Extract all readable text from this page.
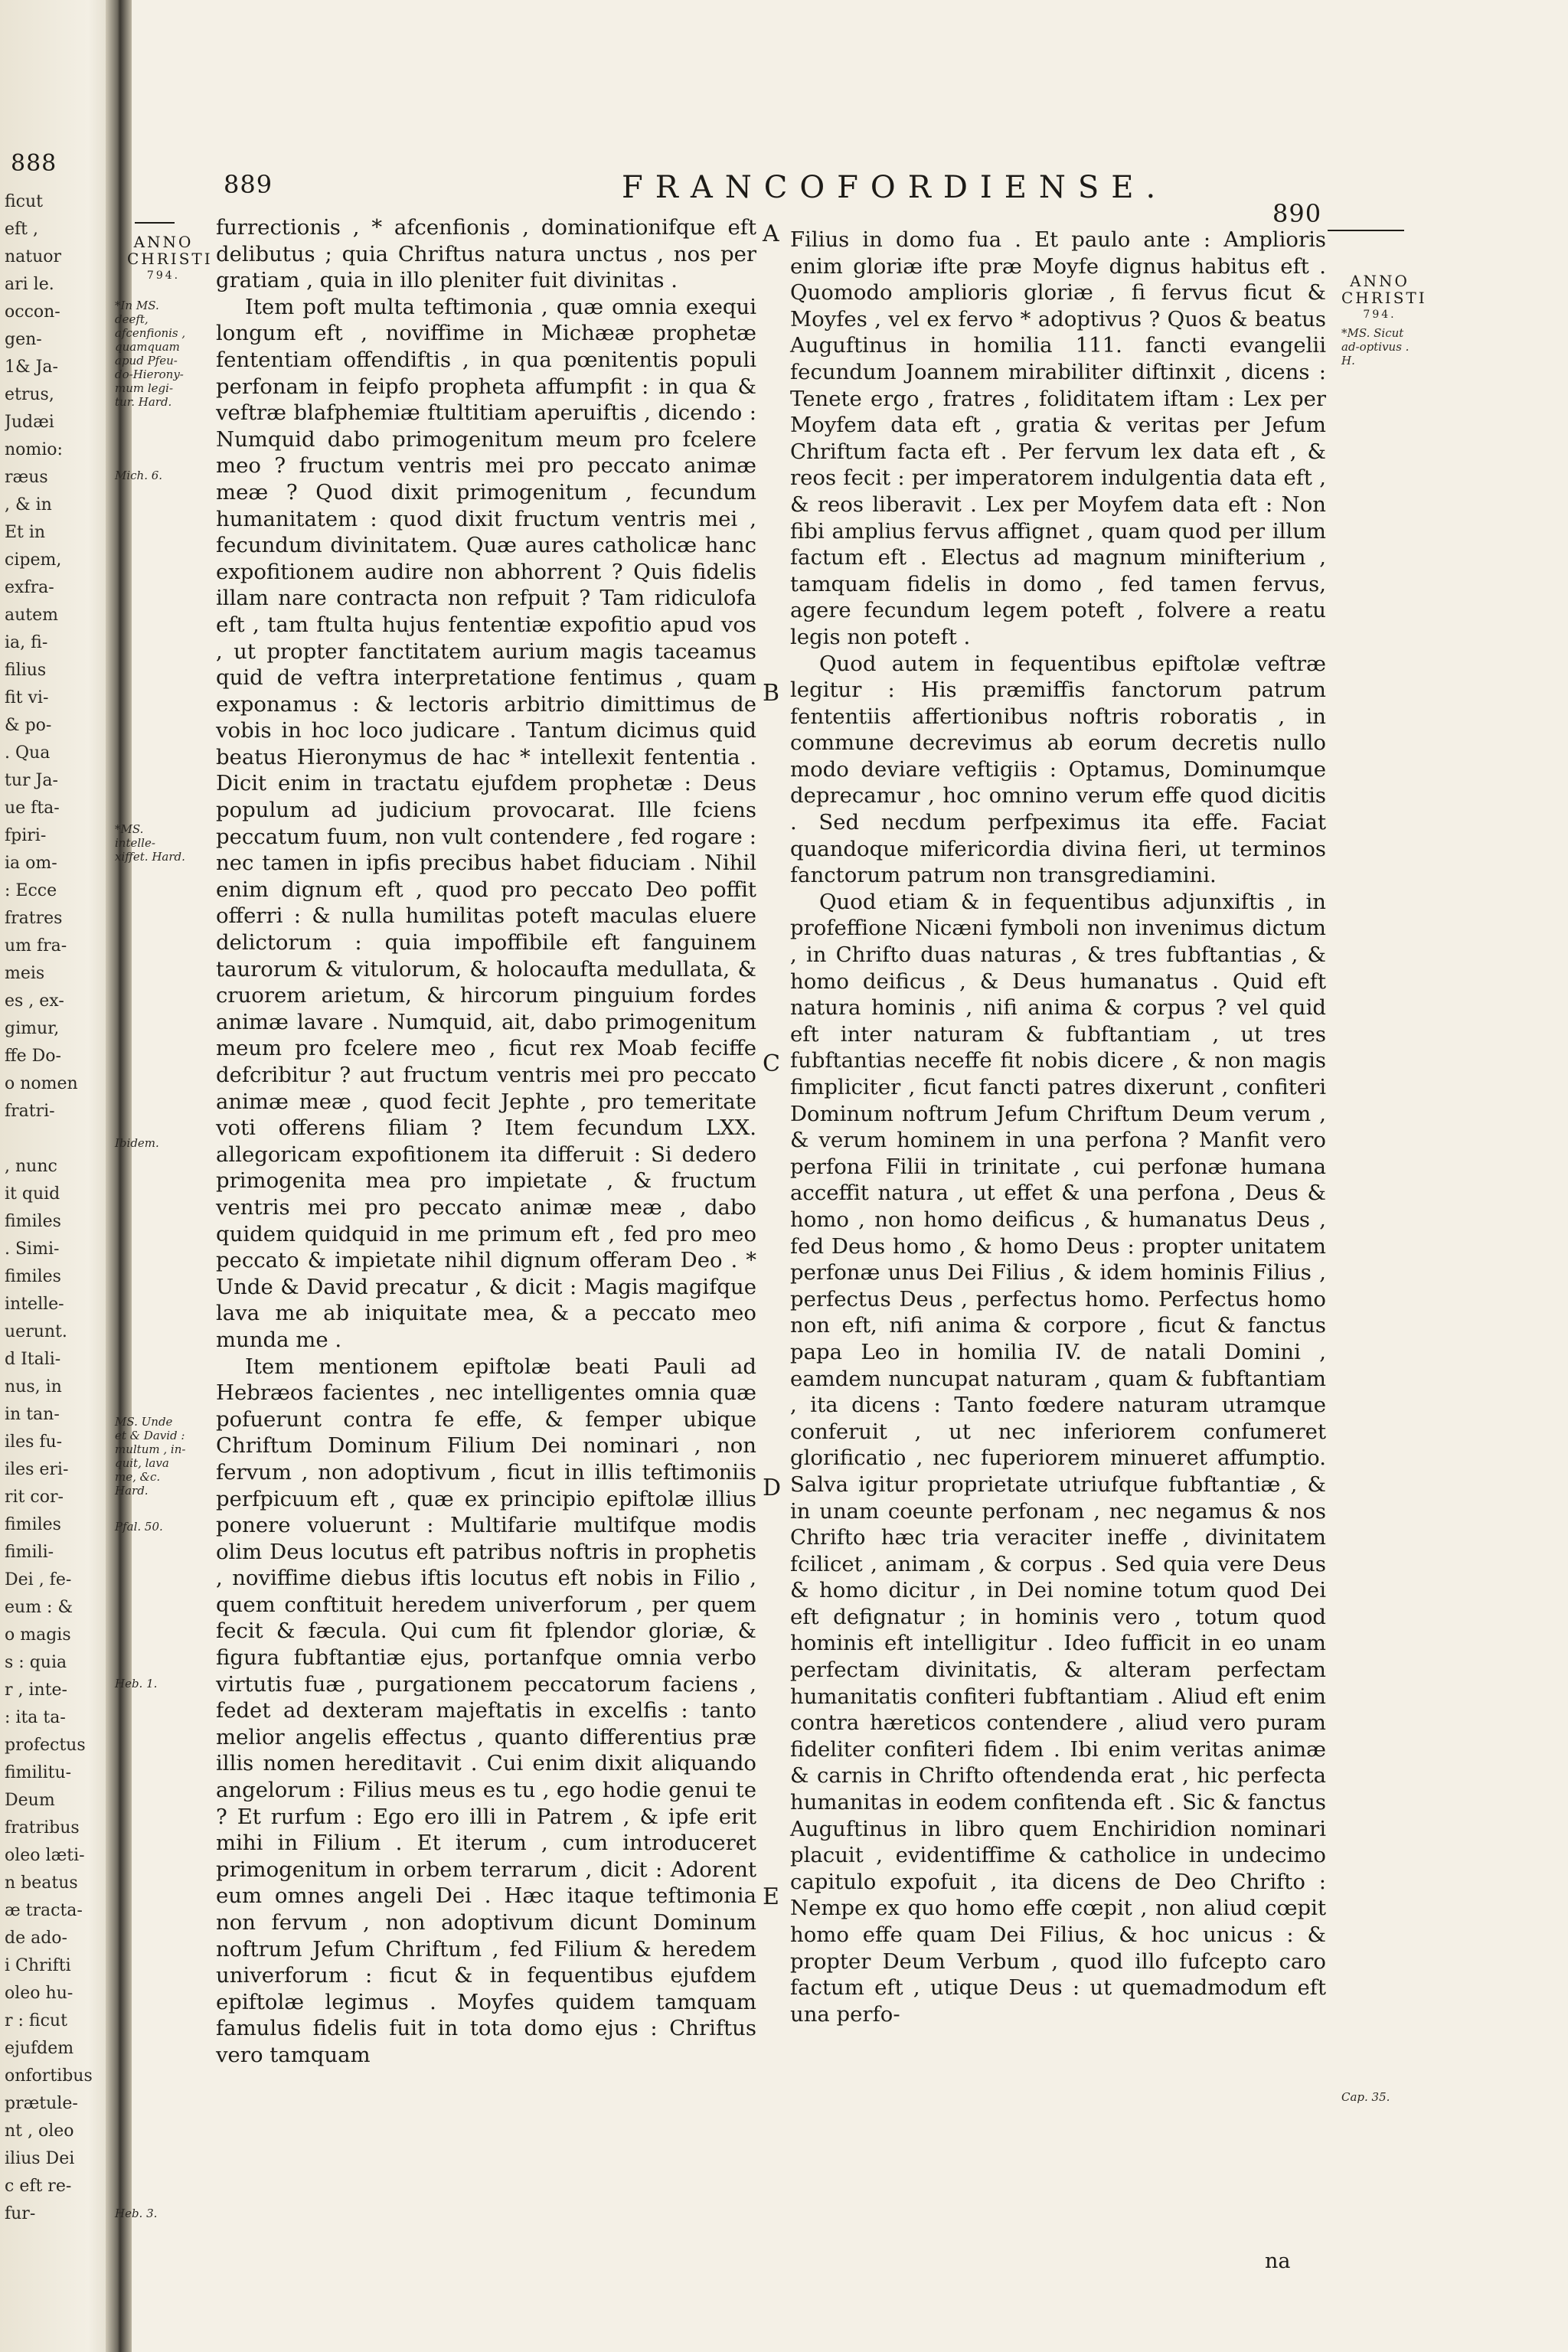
888
ficut
eft ,
natuor
ari le.
occon-
gen-
1& Ja-
etrus,
Judæi
nomio:
ræus
, & in
Et in
cipem,
exfra-
autem
ia, fi-
filius
fit vi-
& po-
. Qua
tur Ja-
ue fta-
fpiri-
ia om-
: Ecce
fratres
um fra-
meis
es , ex-
gimur,
ffe Do-
o nomen
fratri-

, nunc
it quid
fimiles
. Simi-
fimiles
intelle-
uerunt.
d Itali-
nus, in
in tan-
iles fu-
iles eri-
rit cor-
fimiles
fimili-
Dei , fe-
eum : &
o magis
s : quia
r , inte-
: ita ta-
profectus
fimilitu-
Deum
fratribus
oleo læti-
n beatus
æ tracta-
de ado-
i Chrifti
oleo hu-
r : ficut
ejufdem
onfortibus
prætule-
nt , oleo
ilius Dei
c eft re-
fur-
889	FRANCOFORDIENSE.
890
ANNO
CHRISTI
794.	ANNO
CHRISTI
794.
*In MS. deeft, afcenfionis , quamquam apud Pfeu-do-Hierony-mum legi-tur. Hard.
Mich. 6.
*MS. intelle-xiffet. Hard.
Ibidem.
MS. Unde et & David : multum , in-quit, lava me, &c. Hard.
Pfal. 50.
Heb. 1.
Heb. 3.
*MS. Sicut ad-optivus . H.
Cap. 35.
A
B
C
D
E

furrectionis , * afcenfionis , dominationifque eft delibutus ; quia Chriftus natura unctus , nos per gratiam , quia in illo pleniter fuit divinitas .

Item poft multa teftimonia , quæ omnia exequi longum eft , noviffime in Michææ prophetæ fententiam offendiftis , in qua pœnitentis populi perfonam in feipfo propheta affumpfit : in qua & veftræ blafphemiæ ftultitiam aperuiftis , dicendo : Numquid dabo primogenitum meum pro fcelere meo ? fructum ventris mei pro peccato animæ meæ ? Quod dixit primogenitum , fecundum humanitatem : quod dixit fructum ventris mei , fecundum divinitatem. Quæ aures catholicæ hanc expofitionem audire non abhorrent ? Quis fidelis illam nare contracta non refpuit ? Tam ridiculofa eft , tam ftulta hujus fententiæ expofitio apud vos , ut propter fanctitatem aurium magis taceamus quid de veftra interpretatione fentimus , quam exponamus : & lectoris arbitrio dimittimus de vobis in hoc loco judicare . Tantum dicimus quid beatus Hieronymus de hac * intellexit fententia . Dicit enim in tractatu ejufdem prophetæ : Deus populum ad judicium provocarat. Ille fciens peccatum fuum, non vult contendere , fed rogare : nec tamen in ipfis precibus habet fiduciam . Nihil enim dignum eft , quod pro peccato Deo poffit offerri : & nulla humilitas poteft maculas eluere delictorum : quia impoffibile eft fanguinem taurorum & vitulorum, & holocaufta medullata, & cruorem arietum, & hircorum pinguium fordes animæ lavare . Numquid, ait, dabo primogenitum meum pro fcelere meo , ficut rex Moab feciffe defcribitur ? aut fructum ventris mei pro peccato animæ meæ , quod fecit Jephte , pro temeritate voti offerens filiam ? Item fecundum LXX. allegoricam expofitionem ita differuit : Si dedero primogenita mea pro impietate , & fructum ventris mei pro peccato animæ meæ , dabo quidem quidquid in me primum eft , fed pro meo peccato & impietate nihil dignum offeram Deo . * Unde & David precatur , & dicit : Magis magifque lava me ab iniquitate mea, & a peccato meo munda me .

Item mentionem epiftolæ beati Pauli ad Hebræos facientes , nec intelligentes omnia quæ pofuerunt contra fe effe, & femper ubique Chriftum Dominum Filium Dei nominari , non fervum , non adoptivum , ficut in illis teftimoniis perfpicuum eft , quæ ex principio epiftolæ illius ponere voluerunt : Multifarie multifque modis olim Deus locutus eft patribus noftris in prophetis , noviffime diebus iftis locutus eft nobis in Filio , quem conftituit heredem univerforum , per quem fecit & fæcula. Qui cum fit fplendor gloriæ, & figura fubftantiæ ejus, portanfque omnia verbo virtutis fuæ , purgationem peccatorum faciens , fedet ad dexteram majeftatis in excelfis : tanto melior angelis effectus , quanto differentius præ illis nomen hereditavit . Cui enim dixit aliquando angelorum : Filius meus es tu , ego hodie genui te ? Et rurfum : Ego ero illi in Patrem , & ipfe erit mihi in Filium . Et iterum , cum introduceret primogenitum in orbem terrarum , dicit : Adorent eum omnes angeli Dei . Hæc itaque teftimonia non fervum , non adoptivum dicunt Dominum noftrum Jefum Chriftum , fed Filium & heredem univerforum : ficut & in fequentibus ejufdem epiftolæ legimus . Moyfes quidem tamquam famulus fidelis fuit in tota domo ejus : Chriftus vero tamquam

Filius in domo fua . Et paulo ante : Amplioris enim gloriæ ifte præ Moyfe dignus habitus eft . Quomodo amplioris gloriæ , fi fervus ficut & Moyfes , vel ex fervo * adoptivus ? Quos & beatus Auguftinus in homilia 111. fancti evangelii fecundum Joannem mirabiliter diftinxit , dicens : Tenete ergo , fratres , foliditatem iftam : Lex per Moyfem data eft , gratia & veritas per Jefum Chriftum facta eft . Per fervum lex data eft , & reos fecit : per imperatorem indulgentia data eft , & reos liberavit . Lex per Moyfem data eft : Non fibi amplius fervus affignet , quam quod per illum factum eft . Electus ad magnum minifterium , tamquam fidelis in domo , fed tamen fervus, agere fecundum legem poteft , folvere a reatu legis non poteft .

Quod autem in fequentibus epiftolæ veftræ legitur : His præmiffis fanctorum patrum fententiis affertionibus noftris roboratis , in commune decrevimus ab eorum decretis nullo modo deviare veftigiis : Optamus, Dominumque deprecamur , hoc omnino verum effe quod dicitis . Sed necdum perfpeximus ita effe. Faciat quandoque mifericordia divina fieri, ut terminos fanctorum patrum non transgrediamini.

Quod etiam & in fequentibus adjunxiftis , in profeffione Nicæni fymboli non invenimus dictum , in Chrifto duas naturas , & tres fubftantias , & homo deificus , & Deus humanatus . Quid eft natura hominis , nifi anima & corpus ? vel quid eft inter naturam & fubftantiam , ut tres fubftantias neceffe fit nobis dicere , & non magis fimpliciter , ficut fancti patres dixerunt , confiteri Dominum noftrum Jefum Chriftum Deum verum , & verum hominem in una perfona ? Manfit vero perfona Filii in trinitate , cui perfonæ humana acceffit natura , ut effet & una perfona , Deus & homo , non homo deificus , & humanatus Deus , fed Deus homo , & homo Deus : propter unitatem perfonæ unus Dei Filius , & idem hominis Filius , perfectus Deus , perfectus homo. Perfectus homo non eft, nifi anima & corpore , ficut & fanctus papa Leo in homilia IV. de natali Domini , eamdem nuncupat naturam , quam & fubftantiam , ita dicens : Tanto fœdere naturam utramque conferuit , ut nec inferiorem confumeret glorificatio , nec fuperiorem minueret affumptio. Salva igitur proprietate utriufque fubftantiæ , & in unam coeunte perfonam , nec negamus & nos Chrifto hæc tria veraciter ineffe , divinitatem fcilicet , animam , & corpus . Sed quia vere Deus & homo dicitur , in Dei nomine totum quod Dei eft defignatur ; in hominis vero , totum quod hominis eft intelligitur . Ideo fufficit in eo unam perfectam divinitatis, & alteram perfectam humanitatis confiteri fubftantiam . Aliud eft enim contra hæreticos contendere , aliud vero puram fideliter confiteri fidem . Ibi enim veritas animæ & carnis in Chrifto oftendenda erat , hic perfecta humanitas in eodem confitenda eft . Sic & fanctus Auguftinus in libro quem Enchiridion nominari placuit , evidentiffime & catholice in undecimo capitulo expofuit , ita dicens de Deo Chrifto : Nempe ex quo homo effe cœpit , non aliud cœpit homo effe quam Dei Filius, & hoc unicus : & propter Deum Verbum , quod illo fufcepto caro factum eft , utique Deus : ut quemadmodum eft una perfo-

na
